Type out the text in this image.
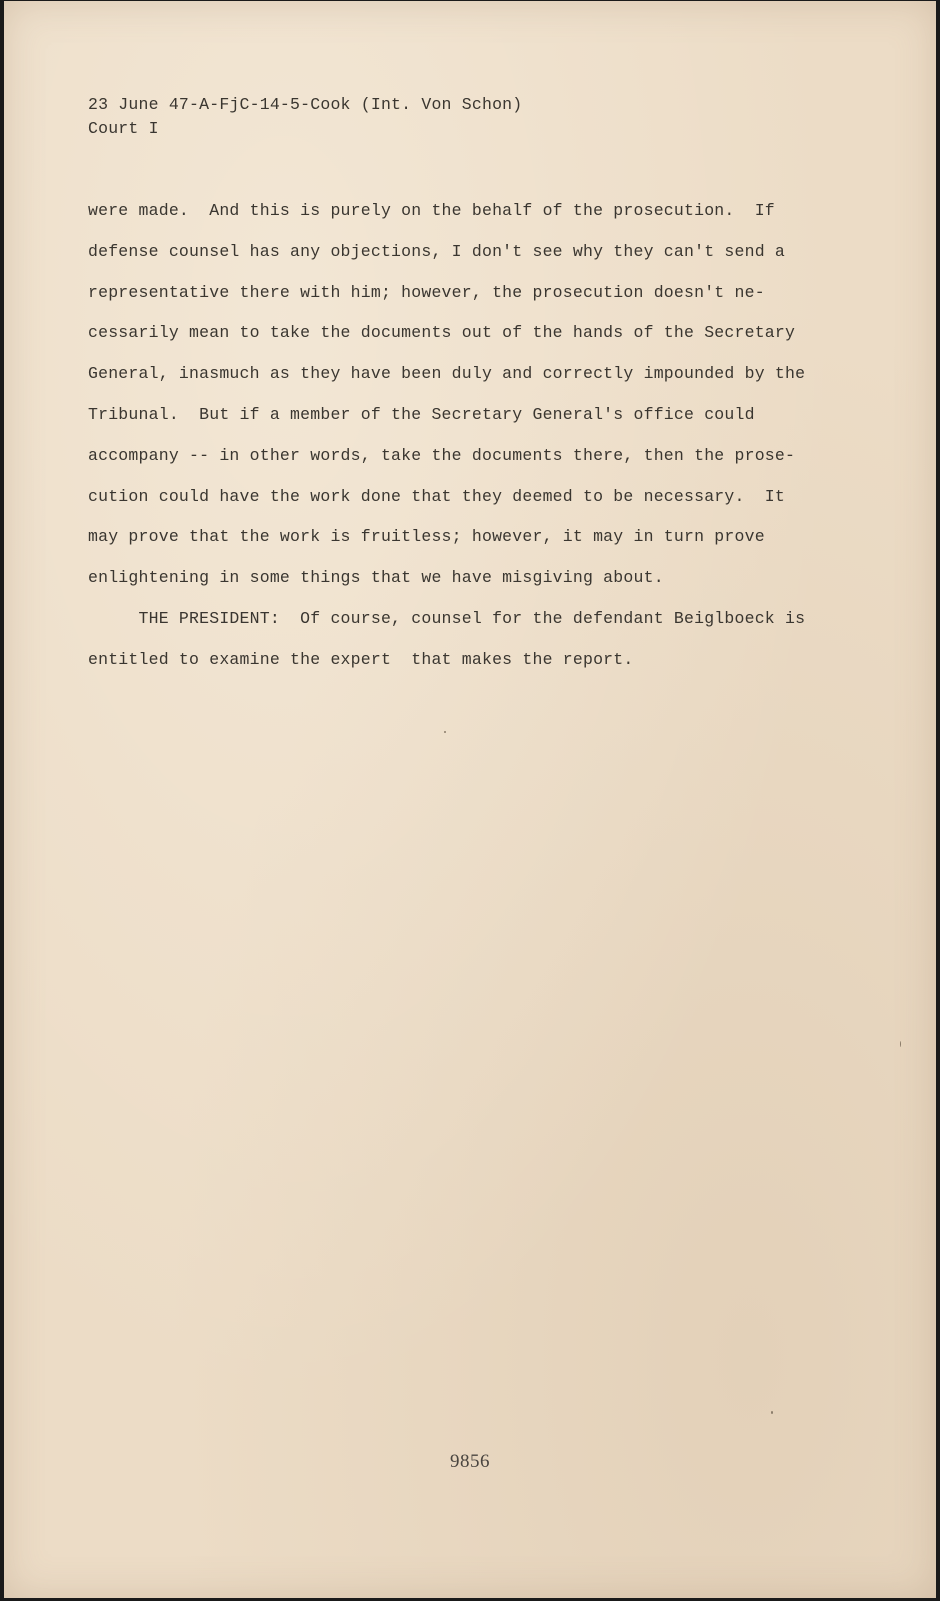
23 June 47-A-FjC-14-5-Cook (Int. Von Schon)
Court I
were made.  And this is purely on the behalf of the prosecution.  If
defense counsel has any objections, I don't see why they can't send a
representative there with him; however, the prosecution doesn't ne-
cessarily mean to take the documents out of the hands of the Secretary
General, inasmuch as they have been duly and correctly impounded by the
Tribunal.  But if a member of the Secretary General's office could
accompany -- in other words, take the documents there, then the prose-
cution could have the work done that they deemed to be necessary.  It
may prove that the work is fruitless; however, it may in turn prove
enlightening in some things that we have misgiving about.
THE PRESIDENT:  Of course, counsel for the defendant Beiglboeck is
entitled to examine the expert  that makes the report.
9856
